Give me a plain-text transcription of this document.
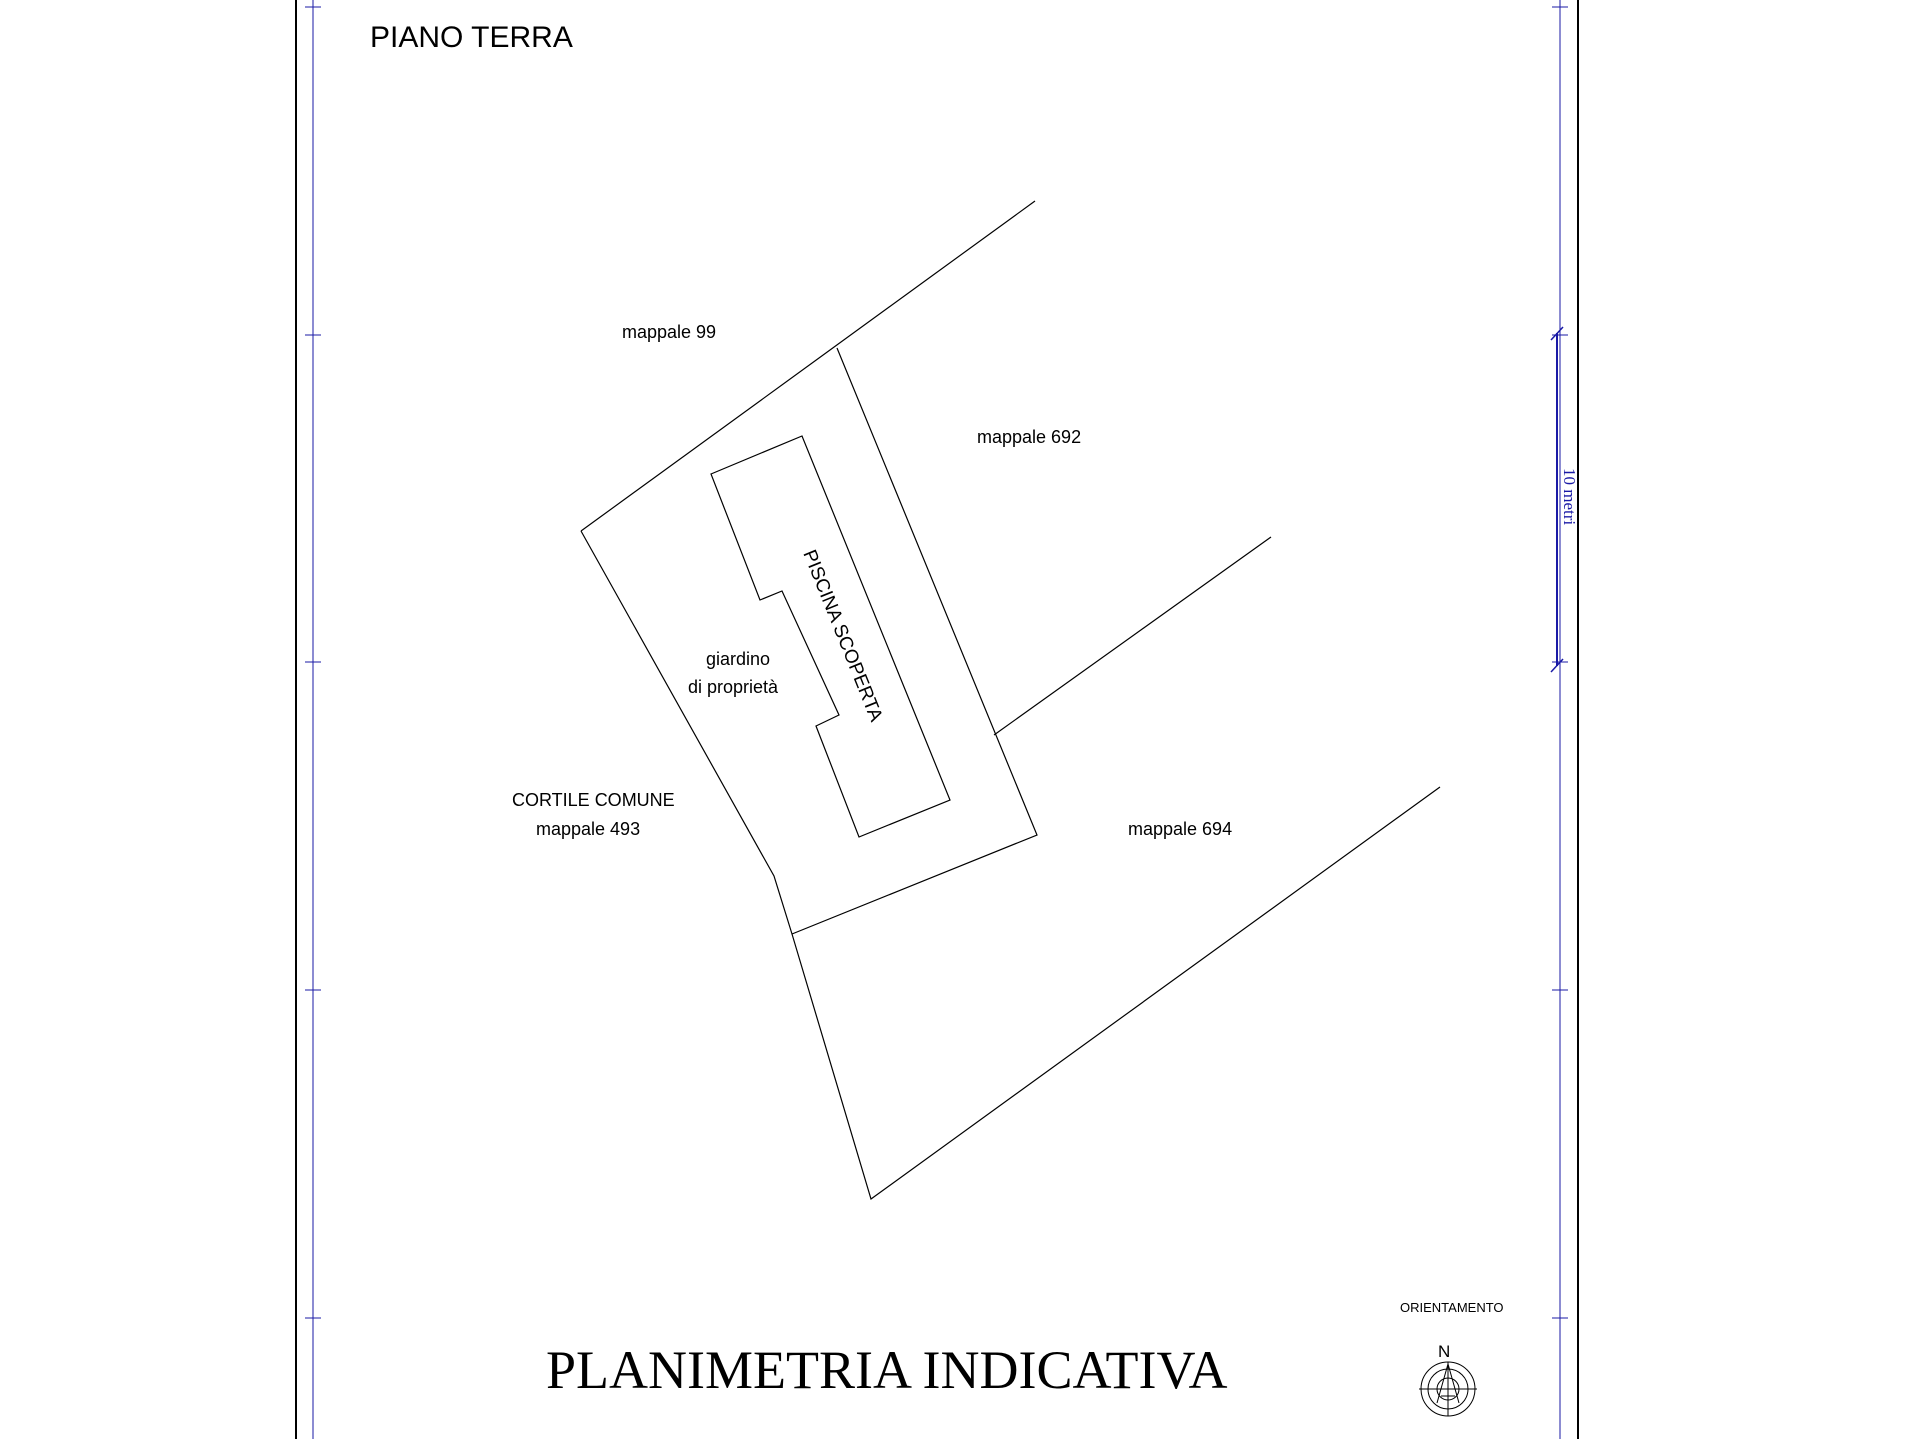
10 metri
PIANO TERRA
mappale 99
mappale 692
mappale 694
CORTILE COMUNE
mappale 493
giardino
di proprietà PISCINA SCOPERTA
PLANIMETRIA INDICATIVA
ORIENTAMENTO
N
